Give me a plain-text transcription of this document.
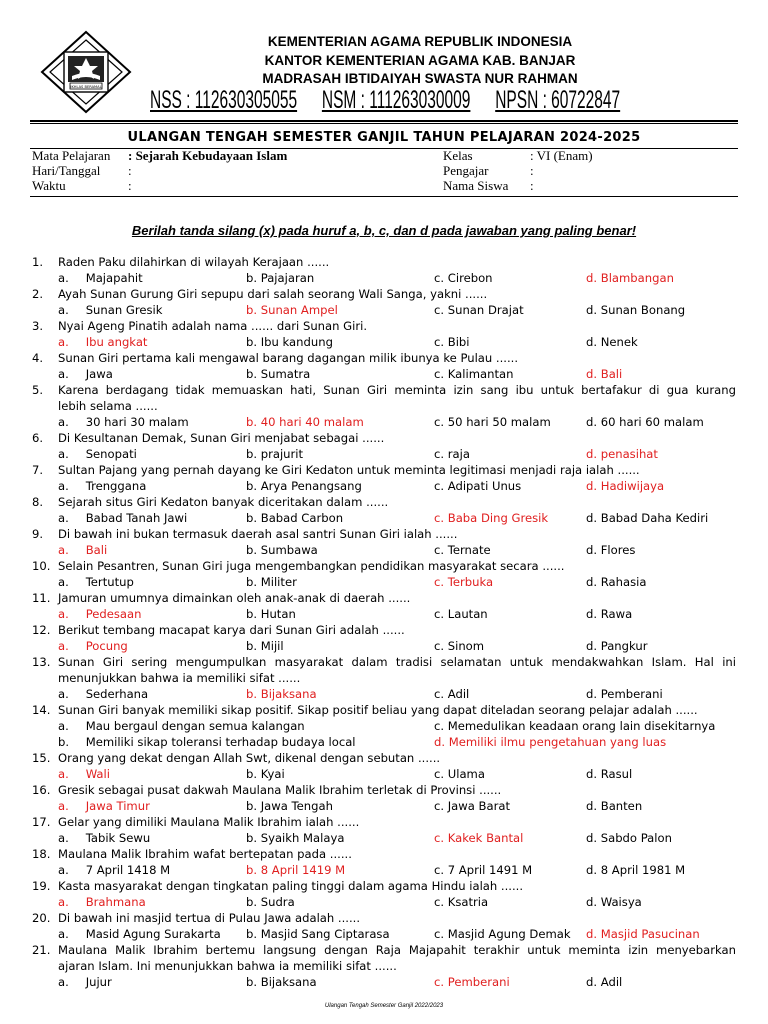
IKHLAS BERAMAL
KEMENTERIAN AGAMA REPUBLIK INDONESIA
KANTOR KEMENTERIAN AGAMA KAB. BANJAR
MADRASAH IBTIDAIYAH SWASTA NUR RAHMAN
NSS : 112630305055 NSM : 111263030009 NPSN : 60722847
ULANGAN TENGAH SEMESTER GANJIL TAHUN PELAJARAN 2024-2025
Mata Pelajaran : Sejarah Kebudayaan Islam
Hari/Tanggal :
Waktu	:
Kelas	: VI (Enam)
Pengajar	:
Nama Siswa :
Berilah tanda silang (x) pada huruf a, b, c, dan d pada jawaban yang paling benar!
1. Raden Paku dilahirkan di wilayah Kerajaan ......
a. Majapahit	b. Pajajaran	c. Cirebon	d. Blambangan
2. Ayah Sunan Gurung Giri sepupu dari salah seorang Wali Sanga, yakni ......
a. Sunan Gresik	b. Sunan Ampel	c. Sunan Drajat	d. Sunan Bonang
3. Nyai Ageng Pinatih adalah nama ...... dari Sunan Giri.
a. Ibu angkat	b. Ibu kandung	c. Bibi	d. Nenek
4. Sunan Giri pertama kali mengawal barang dagangan milik ibunya ke Pulau ......
a. Jawa	b. Sumatra	c. Kalimantan	d. Bali
5. Karena berdagang tidak memuaskan hati, Sunan Giri meminta izin sang ibu untuk bertafakur di gua kurang
lebih selama ......
a. 30 hari 30 malam	b. 40 hari 40 malam	c. 50 hari 50 malam	d. 60 hari 60 malam
6. Di Kesultanan Demak, Sunan Giri menjabat sebagai ......
a. Senopati	b. prajurit	c. raja	d. penasihat
7. Sultan Pajang yang pernah dayang ke Giri Kedaton untuk meminta legitimasi menjadi raja ialah ......
a. Trenggana	b. Arya Penangsang	c. Adipati Unus	d. Hadiwijaya
8. Sejarah situs Giri Kedaton banyak diceritakan dalam ......
a. Babad Tanah Jawi	b. Babad Carbon	c. Baba Ding Gresik	d. Babad Daha Kediri
9. Di bawah ini bukan termasuk daerah asal santri Sunan Giri ialah ......
a. Bali	b. Sumbawa	c. Ternate	d. Flores
10. Selain Pesantren, Sunan Giri juga mengembangkan pendidikan masyarakat secara ......
a. Tertutup	b. Militer	c. Terbuka	d. Rahasia
11. Jamuran umumnya dimainkan oleh anak-anak di daerah ......
a. Pedesaan	b. Hutan	c. Lautan	d. Rawa
12. Berikut tembang macapat karya dari Sunan Giri adalah ......
a. Pocung	b. Mijil	c. Sinom	d. Pangkur
13. Sunan Giri sering mengumpulkan masyarakat dalam tradisi selamatan untuk mendakwahkan Islam. Hal ini
menunjukkan bahwa ia memiliki sifat ......
a. Sederhana	b. Bijaksana	c. Adil	d. Pemberani
14. Sunan Giri banyak memiliki sikap positif. Sikap positif beliau yang dapat diteladan seorang pelajar adalah ......
a. Mau bergaul dengan semua kalangan	c. Memedulikan keadaan orang lain disekitarnya
b. Memiliki sikap toleransi terhadap budaya local	d. Memiliki ilmu pengetahuan yang luas
15. Orang yang dekat dengan Allah Swt, dikenal dengan sebutan ......
a. Wali	b. Kyai	c. Ulama	d. Rasul
16. Gresik sebagai pusat dakwah Maulana Malik Ibrahim terletak di Provinsi ......
a. Jawa Timur	b. Jawa Tengah	c. Jawa Barat	d. Banten
17. Gelar yang dimiliki Maulana Malik Ibrahim ialah ......
a. Tabik Sewu	b. Syaikh Malaya	c. Kakek Bantal	d. Sabdo Palon
18. Maulana Malik Ibrahim wafat bertepatan pada ......
a. 7 April 1418 M	b. 8 April 1419 M	c. 7 April 1491 M	d. 8 April 1981 M
19. Kasta masyarakat dengan tingkatan paling tinggi dalam agama Hindu ialah ......
a. Brahmana	b. Sudra	c. Ksatria	d. Waisya
20. Di bawah ini masjid tertua di Pulau Jawa adalah ......
a. Masid Agung Surakarta b. Masjid Sang Ciptarasa	c. Masjid Agung Demak d. Masjid Pasucinan
21. Maulana Malik Ibrahim bertemu langsung dengan Raja Majapahit terakhir untuk meminta izin menyebarkan
ajaran Islam. Ini menunjukkan bahwa ia memiliki sifat ......
a. Jujur	b. Bijaksana	c. Pemberani	d. Adil
Ulangan Tengah Semester Ganjil 2022/2023
